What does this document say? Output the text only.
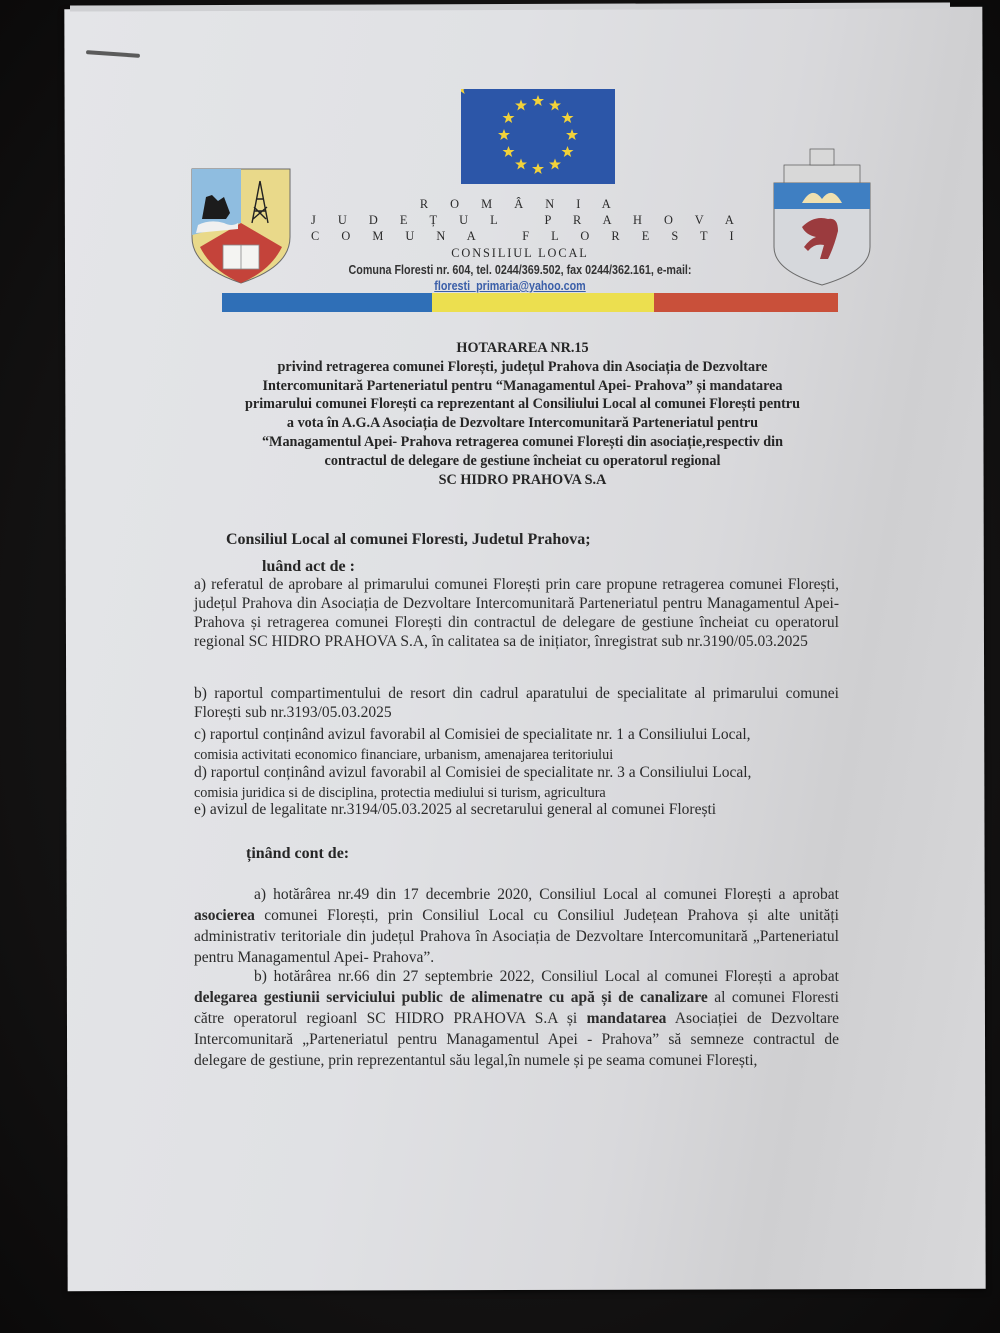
R O M Â N I A
J U D E Ț U L   P R A H O V A
C O M U N A   F L O R E S T I
CONSILIUL LOCAL
Comuna Floresti nr. 604, tel. 0244/369.502, fax 0244/362.161, e-mail:
floresti_primaria@yahoo.com
HOTARAREA NR.15
privind retragerea comunei Florești, județul Prahova din Asociația de Dezvoltare
Intercomunitară Parteneriatul pentru “Managamentul Apei- Prahova” și mandatarea
primarului comunei Florești ca reprezentant al Consiliului Local al comunei Florești pentru
a vota în A.G.A Asociația de Dezvoltare Intercomunitară Parteneriatul pentru
“Managamentul Apei- Prahova retragerea comunei Florești din asociație,respectiv din
contractul de delegare de gestiune încheiat cu operatorul regional
SC HIDRO PRAHOVA S.A
Consiliul Local al comunei Floresti, Judetul Prahova;
luând act de :
a) referatul de aprobare al primarului comunei Florești prin care propune retragerea comunei Florești, județul Prahova din Asociația de Dezvoltare Intercomunitară Parteneriatul pentru Managamentul Apei- Prahova și retragerea comunei Florești din contractul de delegare de gestiune încheiat cu operatorul regional SC HIDRO PRAHOVA S.A, în calitatea sa de inițiator, înregistrat sub nr.3190/05.03.2025
b) raportul compartimentului de resort din cadrul aparatului de specialitate al primarului comunei Florești sub nr.3193/05.03.2025
c) raportul conținând avizul favorabil al Comisiei de specialitate nr. 1 a Consiliului Local,
comisia activitati economico financiare, urbanism, amenajarea teritoriului
d) raportul conținând avizul favorabil al Comisiei de specialitate nr. 3 a Consiliului Local,
comisia juridica si de disciplina, protectia mediului si turism, agricultura
e) avizul de legalitate nr.3194/05.03.2025 al secretarului general al comunei Florești
ținând cont de:
a) hotărârea nr.49 din 17 decembrie 2020, Consiliul Local al comunei Florești a aprobat asocierea comunei Florești, prin Consiliul Local cu Consiliul Județean Prahova și alte unități administrativ teritoriale din județul Prahova în Asociația de Dezvoltare Intercomunitară „Parteneriatul pentru Managamentul Apei- Prahova”.
b) hotărârea nr.66 din 27 septembrie 2022, Consiliul Local al comunei Florești a aprobat delegarea gestiunii serviciului public de alimenatre cu apă și de canalizare al comunei Floresti către operatorul regioanl SC HIDRO PRAHOVA S.A și mandatarea Asociației de Dezvoltare Intercomunitară „Parteneriatul pentru Managamentul Apei - Prahova” să semneze contractul de delegare de gestiune, prin reprezentantul său legal,în numele și pe seama comunei Florești,
